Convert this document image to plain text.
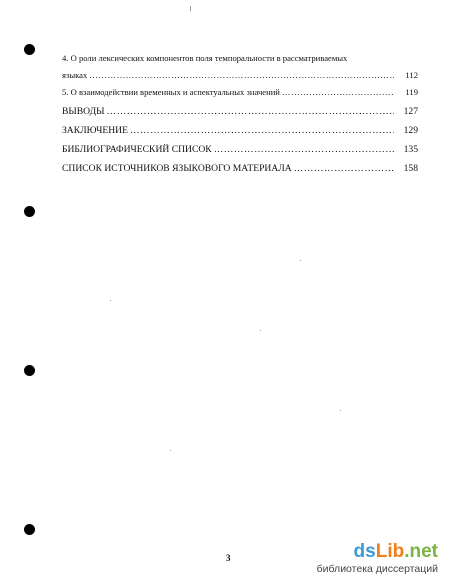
4. О роли лексических компонентов поля темпоральности в рассматриваемых
языках ………………………………………………………………………………………………………………………………………………………………………………	112
5. О взаимодействии временных и аспектуальных значений ………………………………………………………………………………………………………………………………………………………………………………	119
ВЫВОДЫ ………………………………………………………………………………………………………………………………………………………………………………	127
ЗАКЛЮЧЕНИЕ ………………………………………………………………………………………………………………………………………………………………………………	129
БИБЛИОГРАФИЧЕСКИЙ СПИСОК ………………………………………………………………………………………………………………………………………………………………………………	135
СПИСОК ИСТОЧНИКОВ ЯЗЫКОВОГО МАТЕРИАЛА ………………………………………………………………………………………………………………………………………………………………………………	158
3	dsLib.net
библиотека диссертаций
